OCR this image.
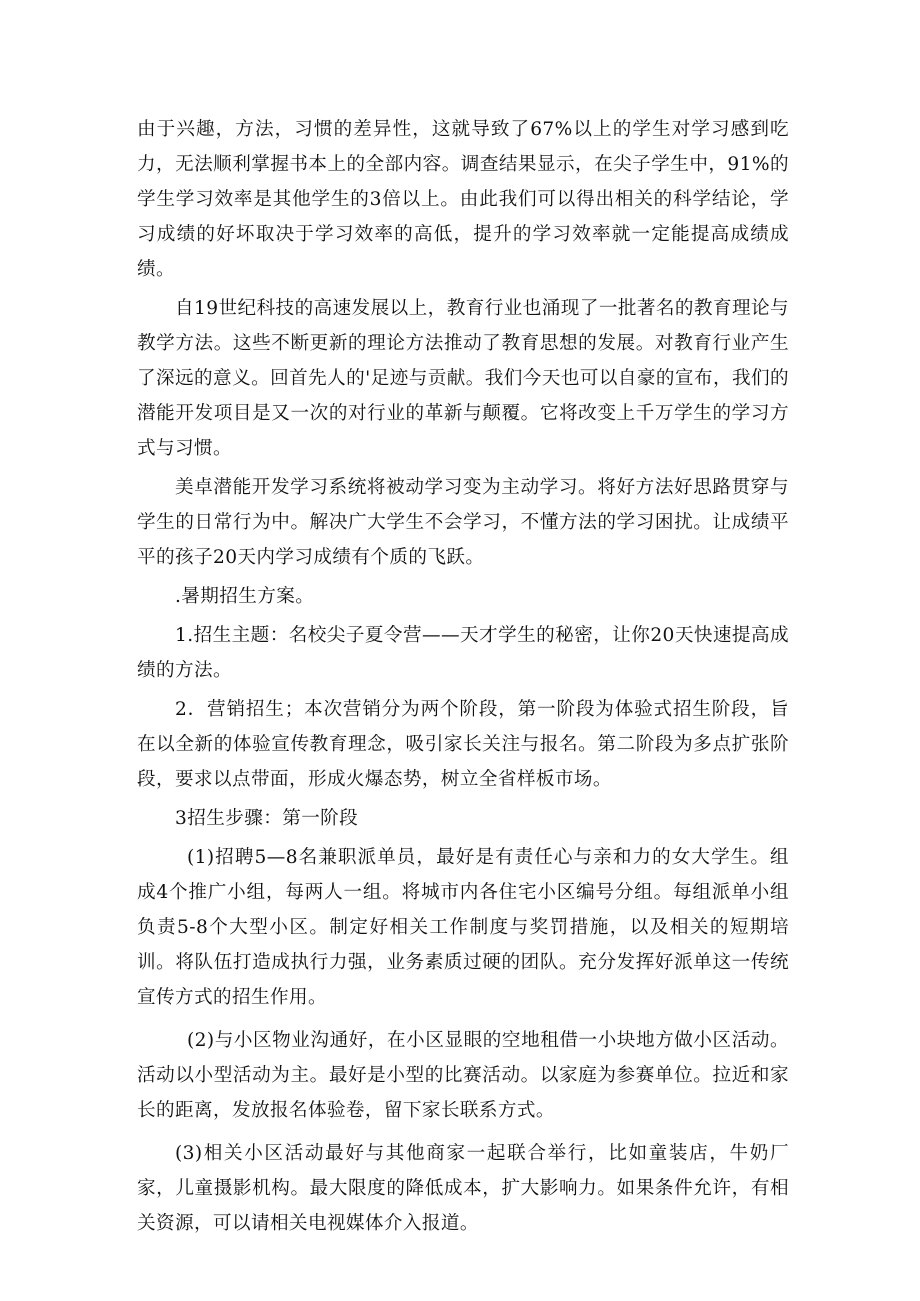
由于兴趣，方法，习惯的差异性，这就导致了67%以上的学生对学习感到吃力，无法顺利掌握书本上的全部内容。调查结果显示，在尖子学生中，91%的学生学习效率是其他学生的3倍以上。由此我们可以得出相关的科学结论，学习成绩的好坏取决于学习效率的高低，提升的学习效率就一定能提高成绩成绩。

自19世纪科技的高速发展以上，教育行业也涌现了一批著名的教育理论与教学方法。这些不断更新的理论方法推动了教育思想的发展。对教育行业产生了深远的意义。回首先人的'足迹与贡献。我们今天也可以自豪的宣布，我们的潜能开发项目是又一次的对行业的革新与颠覆。它将改变上千万学生的学习方式与习惯。

美卓潜能开发学习系统将被动学习变为主动学习。将好方法好思路贯穿与学生的日常行为中。解决广大学生不会学习，不懂方法的学习困扰。让成绩平平的孩子20天内学习成绩有个质的飞跃。

.暑期招生方案。

1.招生主题：名校尖子夏令营——天才学生的秘密，让你20天快速提高成绩的方法。

2．营销招生；本次营销分为两个阶段，第一阶段为体验式招生阶段，旨在以全新的体验宣传教育理念，吸引家长关注与报名。第二阶段为多点扩张阶段，要求以点带面，形成火爆态势，树立全省样板市场。

3招生步骤：第一阶段

(1)招聘5—8名兼职派单员，最好是有责任心与亲和力的女大学生。组成4个推广小组，每两人一组。将城市内各住宅小区编号分组。每组派单小组负责5-8个大型小区。制定好相关工作制度与奖罚措施，以及相关的短期培训。将队伍打造成执行力强，业务素质过硬的团队。充分发挥好派单这一传统宣传方式的招生作用。

(2)与小区物业沟通好，在小区显眼的空地租借一小块地方做小区活动。活动以小型活动为主。最好是小型的比赛活动。以家庭为参赛单位。拉近和家长的距离，发放报名体验卷，留下家长联系方式。

(3)相关小区活动最好与其他商家一起联合举行，比如童装店，牛奶厂家，儿童摄影机构。最大限度的降低成本，扩大影响力。如果条件允许，有相关资源，可以请相关电视媒体介入报道。
